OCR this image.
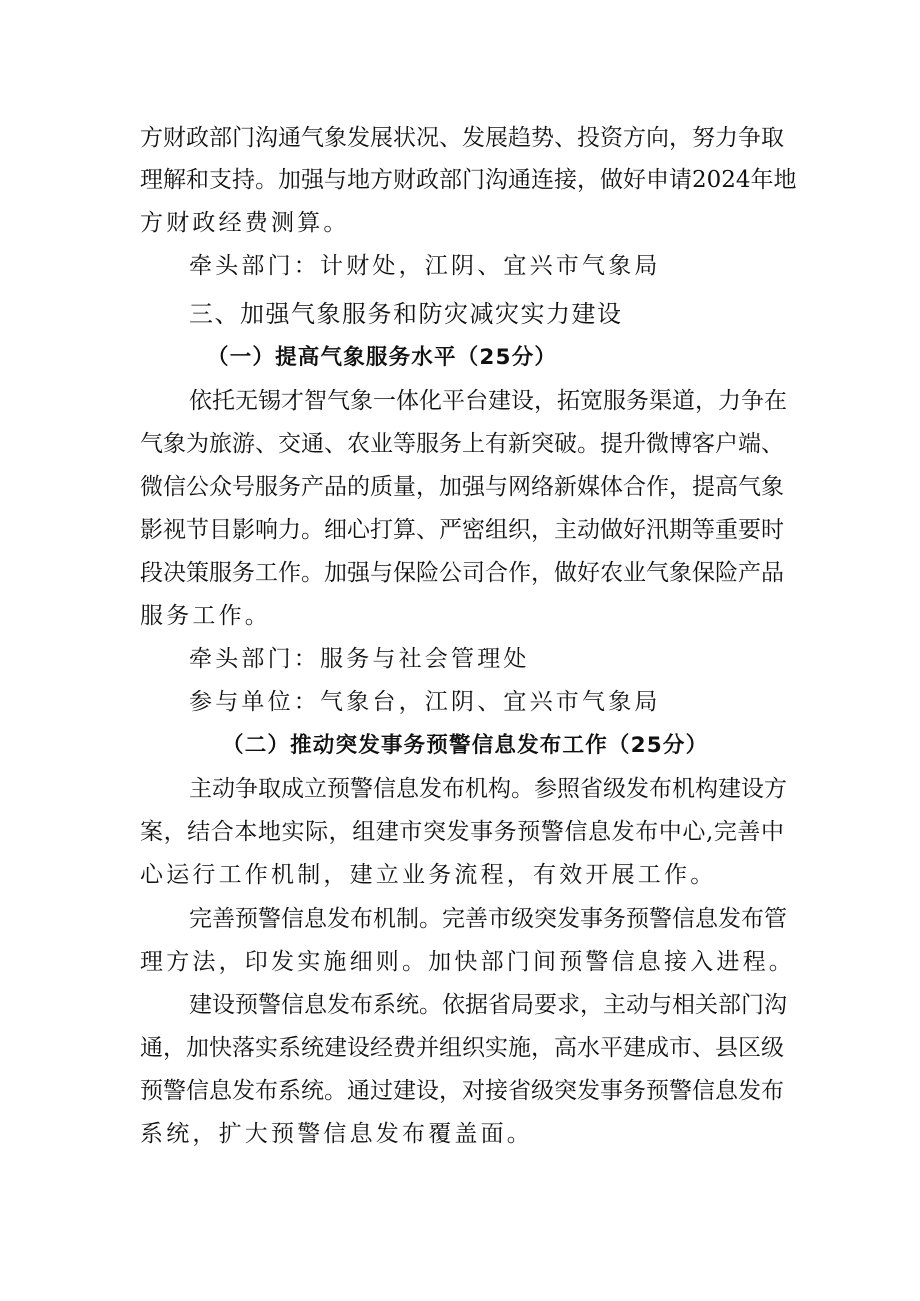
方财政部门沟通气象发展状况、发展趋势、投资方向，努力争取
理解和支持。加强与地方财政部门沟通连接，做好申请2024年地
方财政经费测算。
牵头部门：计财处，江阴、宜兴市气象局
三、加强气象服务和防灾减灾实力建设
（一）提高气象服务水平（25分）
依托无锡才智气象一体化平台建设，拓宽服务渠道，力争在
气象为旅游、交通、农业等服务上有新突破。提升微博客户端、
微信公众号服务产品的质量，加强与网络新媒体合作，提高气象
影视节目影响力。细心打算、严密组织，主动做好汛期等重要时
段决策服务工作。加强与保险公司合作，做好农业气象保险产品
服务工作。
牵头部门：服务与社会管理处
参与单位：气象台，江阴、宜兴市气象局
（二）推动突发事务预警信息发布工作（25分）
主动争取成立预警信息发布机构。参照省级发布机构建设方
案，结合本地实际，组建市突发事务预警信息发布中心,完善中
心运行工作机制，建立业务流程，有效开展工作。
完善预警信息发布机制。完善市级突发事务预警信息发布管
理方法，印发实施细则。加快部门间预警信息接入进程。
建设预警信息发布系统。依据省局要求，主动与相关部门沟
通，加快落实系统建设经费并组织实施，高水平建成市、县区级
预警信息发布系统。通过建设，对接省级突发事务预警信息发布
系统，扩大预警信息发布覆盖面。
